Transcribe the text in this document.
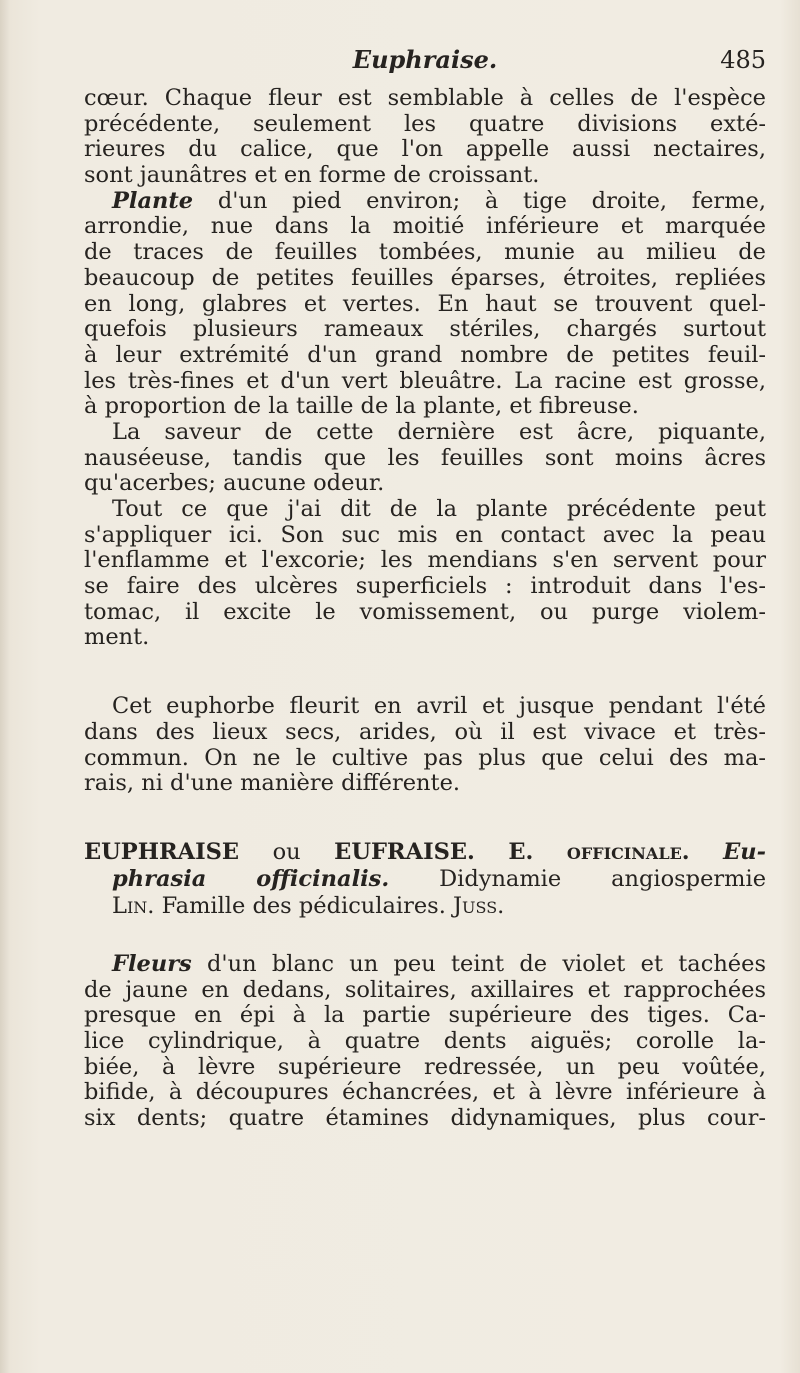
Euphraise.	485
cœur. Chaque fleur est semblable à celles de l'espèce
précédente, seulement les quatre divisions exté-
rieures du calice, que l'on appelle aussi nectaires,
sont jaunâtres et en forme de croissant.
Plante d'un pied environ; à tige droite, ferme,
arrondie, nue dans la moitié inférieure et marquée
de traces de feuilles tombées, munie au milieu de
beaucoup de petites feuilles éparses, étroites, repliées
en long, glabres et vertes. En haut se trouvent quel-
quefois plusieurs rameaux stériles, chargés surtout
à leur extrémité d'un grand nombre de petites feuil-
les très-fines et d'un vert bleuâtre. La racine est grosse,
à proportion de la taille de la plante, et fibreuse.
La saveur de cette dernière est âcre, piquante,
nauséeuse, tandis que les feuilles sont moins âcres
qu'acerbes; aucune odeur.
Tout ce que j'ai dit de la plante précédente peut
s'appliquer ici. Son suc mis en contact avec la peau
l'enflamme et l'excorie; les mendians s'en servent pour
se faire des ulcères superficiels : introduit dans l'es-
tomac, il excite le vomissement, ou purge violem-
ment.
Cet euphorbe fleurit en avril et jusque pendant l'été
dans des lieux secs, arides, où il est vivace et très-
commun. On ne le cultive pas plus que celui des ma-
rais, ni d'une manière différente.
EUPHRAISE ou EUFRAISE. E. officinale. Eu-
phrasia officinalis. Didynamie angiospermie
Lin. Famille des pédiculaires. Juss.
Fleurs d'un blanc un peu teint de violet et tachées
de jaune en dedans, solitaires, axillaires et rapprochées
presque en épi à la partie supérieure des tiges. Ca-
lice cylindrique, à quatre dents aiguës; corolle la-
biée, à lèvre supérieure redressée, un peu voûtée,
bifide, à découpures échancrées, et à lèvre inférieure à
six dents; quatre étamines didynamiques, plus cour-
